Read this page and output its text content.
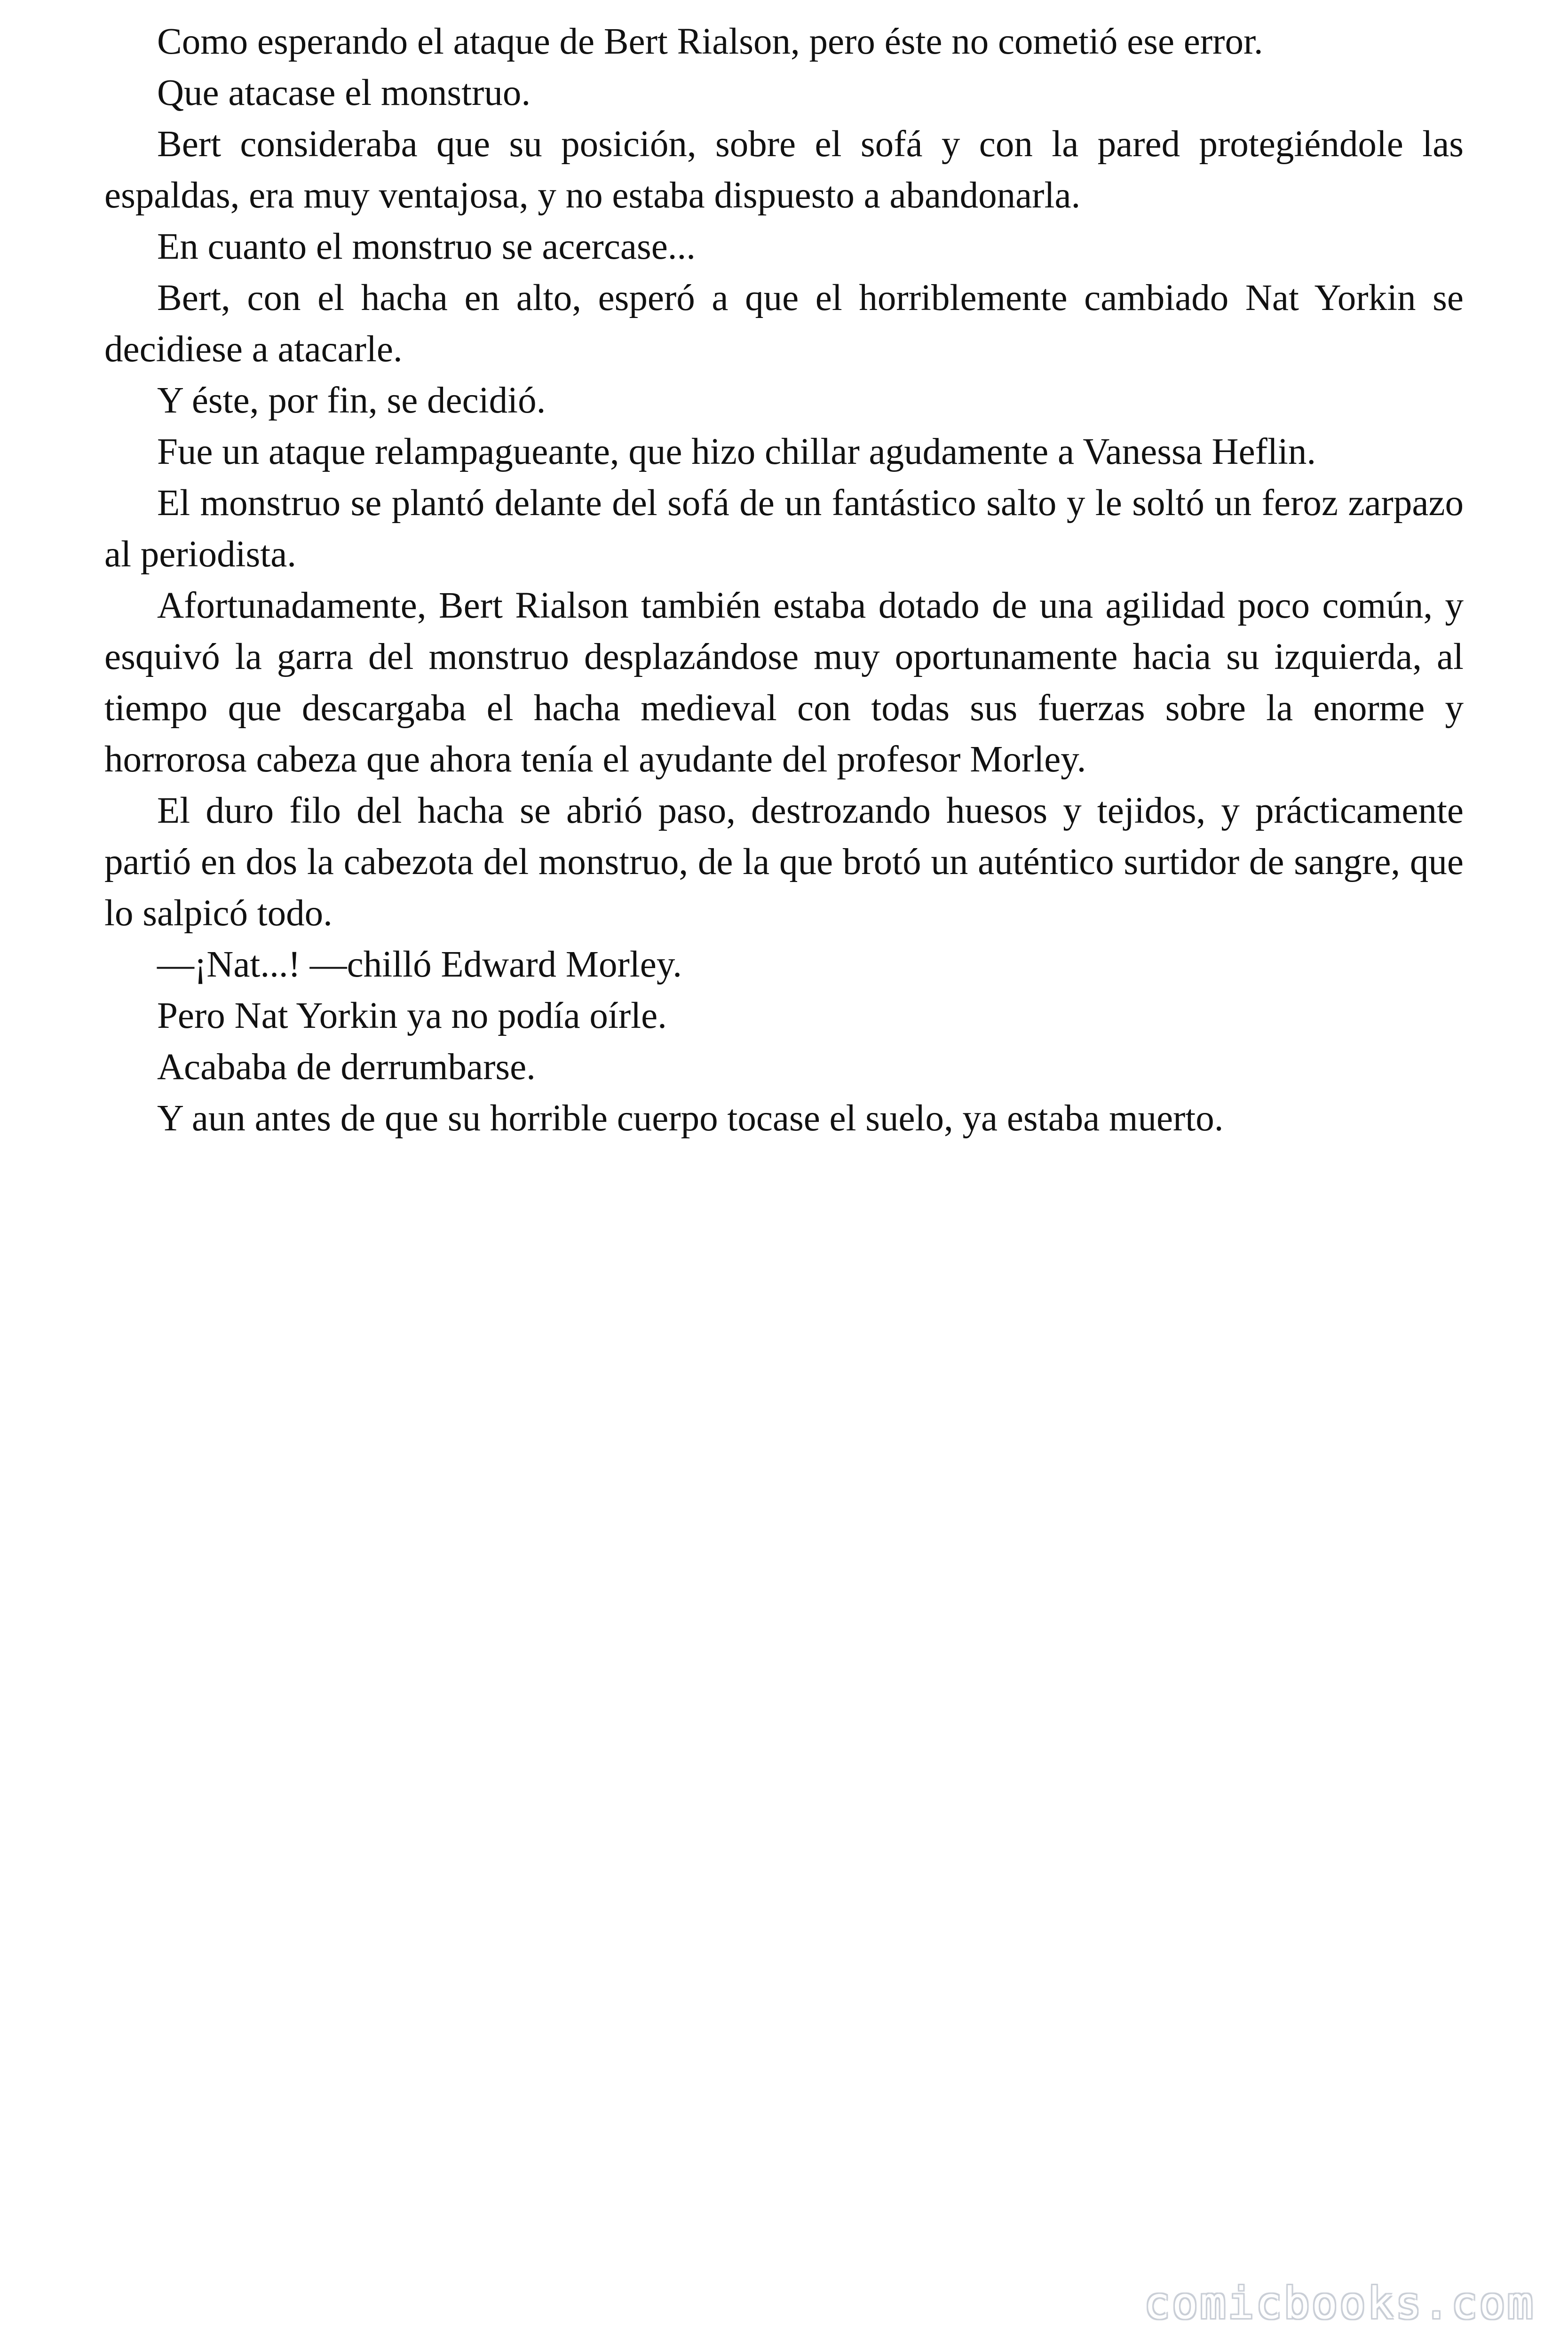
Como esperando el ataque de Bert Rialson, pero éste no cometió ese error.

Que atacase el monstruo.

Bert consideraba que su posición, sobre el sofá y con la pared protegiéndole las espaldas, era muy ventajosa, y no estaba dispuesto a abandonarla.

En cuanto el monstruo se acercase...

Bert, con el hacha en alto, esperó a que el horriblemente cambiado Nat Yorkin se decidiese a atacarle.

Y éste, por fin, se decidió.

Fue un ataque relampagueante, que hizo chillar agudamente a Vanessa Heflin.

El monstruo se plantó delante del sofá de un fantástico salto y le soltó un feroz zarpazo al periodista.

Afortunadamente, Bert Rialson también estaba dotado de una agilidad poco común, y esquivó la garra del monstruo desplazándose muy oportunamente hacia su izquierda, al tiempo que descargaba el hacha medieval con todas sus fuerzas sobre la enorme y horrorosa cabeza que ahora tenía el ayudante del profesor Morley.

El duro filo del hacha se abrió paso, destrozando huesos y tejidos, y prácticamente partió en dos la cabezota del monstruo, de la que brotó un auténtico surtidor de sangre, que lo salpicó todo.

—¡Nat...! —chilló Edward Morley.

Pero Nat Yorkin ya no podía oírle.

Acababa de derrumbarse.

Y aun antes de que su horrible cuerpo tocase el suelo, ya estaba muerto.

comicbooks.com
